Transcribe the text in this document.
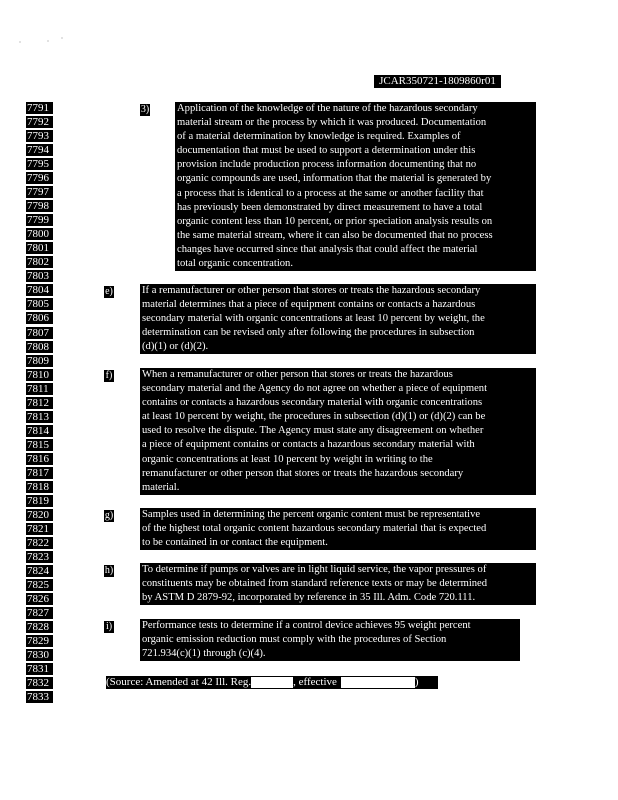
JCAR350721-1809860r01
7791
7792
7793
7794
7795
7796
7797
7798
7799
7800
7801
7802
7803
7804
7805
7806
7807
7808
7809
7810
7811
7812
7813
7814
7815
7816
7817
7818
7819
7820
7821
7822
7823
7824
7825
7826
7827
7828
7829
7830
7831
7832
7833
3)	Application of the knowledge of the nature of the hazardous secondary
material stream or the process by which it was produced. Documentation
of a material determination by knowledge is required. Examples of
documentation that must be used to support a determination under this
provision include production process information documenting that no
organic compounds are used, information that the material is generated by
a process that is identical to a process at the same or another facility that
has previously been demonstrated by direct measurement to have a total
organic content less than 10 percent, or prior speciation analysis results on
the same material stream, where it can also be documented that no process
changes have occurred since that analysis that could affect the material
total organic concentration.
e)	If a remanufacturer or other person that stores or treats the hazardous secondary
material determines that a piece of equipment contains or contacts a hazardous
secondary material with organic concentrations at least 10 percent by weight, the
determination can be revised only after following the procedures in subsection
(d)(1) or (d)(2).
f)	When a remanufacturer or other person that stores or treats the hazardous
secondary material and the Agency do not agree on whether a piece of equipment
contains or contacts a hazardous secondary material with organic concentrations
at least 10 percent by weight, the procedures in subsection (d)(1) or (d)(2) can be
used to resolve the dispute. The Agency must state any disagreement on whether
a piece of equipment contains or contacts a hazardous secondary material with
organic concentrations at least 10 percent by weight in writing to the
remanufacturer or other person that stores or treats the hazardous secondary
material.
g)	Samples used in determining the percent organic content must be representative
of the highest total organic content hazardous secondary material that is expected
to be contained in or contact the equipment.
h)	To determine if pumps or valves are in light liquid service, the vapor pressures of
constituents may be obtained from standard reference texts or may be determined
by ASTM D 2879-92, incorporated by reference in 35 Ill. Adm. Code 720.111.
i)	Performance tests to determine if a control device achieves 95 weight percent
organic emission reduction must comply with the procedures of Section
721.934(c)(1) through (c)(4).
(Source: Amended at 42 Ill. Reg.	, effective	)
